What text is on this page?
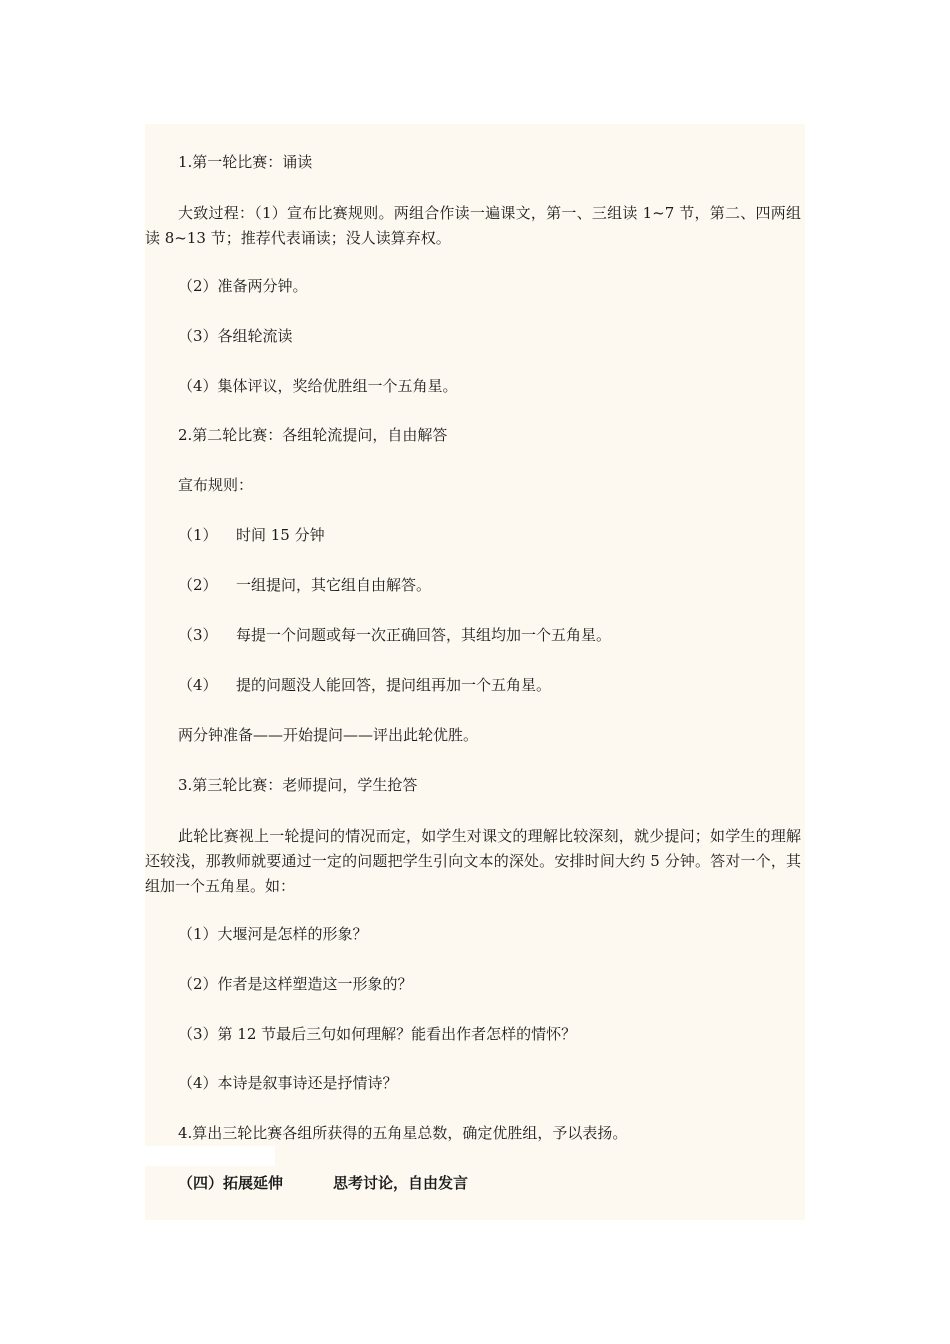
1.第一轮比赛：诵读
大致过程：（1）宣布比赛规则。两组合作读一遍课文，第一、三组读 1~7 节，第二、四两组读 8~13 节；推荐代表诵读；没人读算弃权。
（2）准备两分钟。
（3）各组轮流读
（4）集体评议，奖给优胜组一个五角星。
2.第二轮比赛：各组轮流提问，自由解答
宣布规则：
（1） 时间 15 分钟
（2） 一组提问，其它组自由解答。
（3） 每提一个问题或每一次正确回答，其组均加一个五角星。
（4） 提的问题没人能回答，提问组再加一个五角星。
两分钟准备——开始提问——评出此轮优胜。
3.第三轮比赛：老师提问，学生抢答
此轮比赛视上一轮提问的情况而定，如学生对课文的理解比较深刻，就少提问；如学生的理解还较浅，那教师就要通过一定的问题把学生引向文本的深处。安排时间大约 5 分钟。答对一个，其组加一个五角星。如：
（1）大堰河是怎样的形象？
（2）作者是这样塑造这一形象的？
（3）第 12 节最后三句如何理解？能看出作者怎样的情怀？
（4）本诗是叙事诗还是抒情诗？
4.算出三轮比赛各组所获得的五角星总数，确定优胜组，予以表扬。
（四）拓展延伸	思考讨论，自由发言
